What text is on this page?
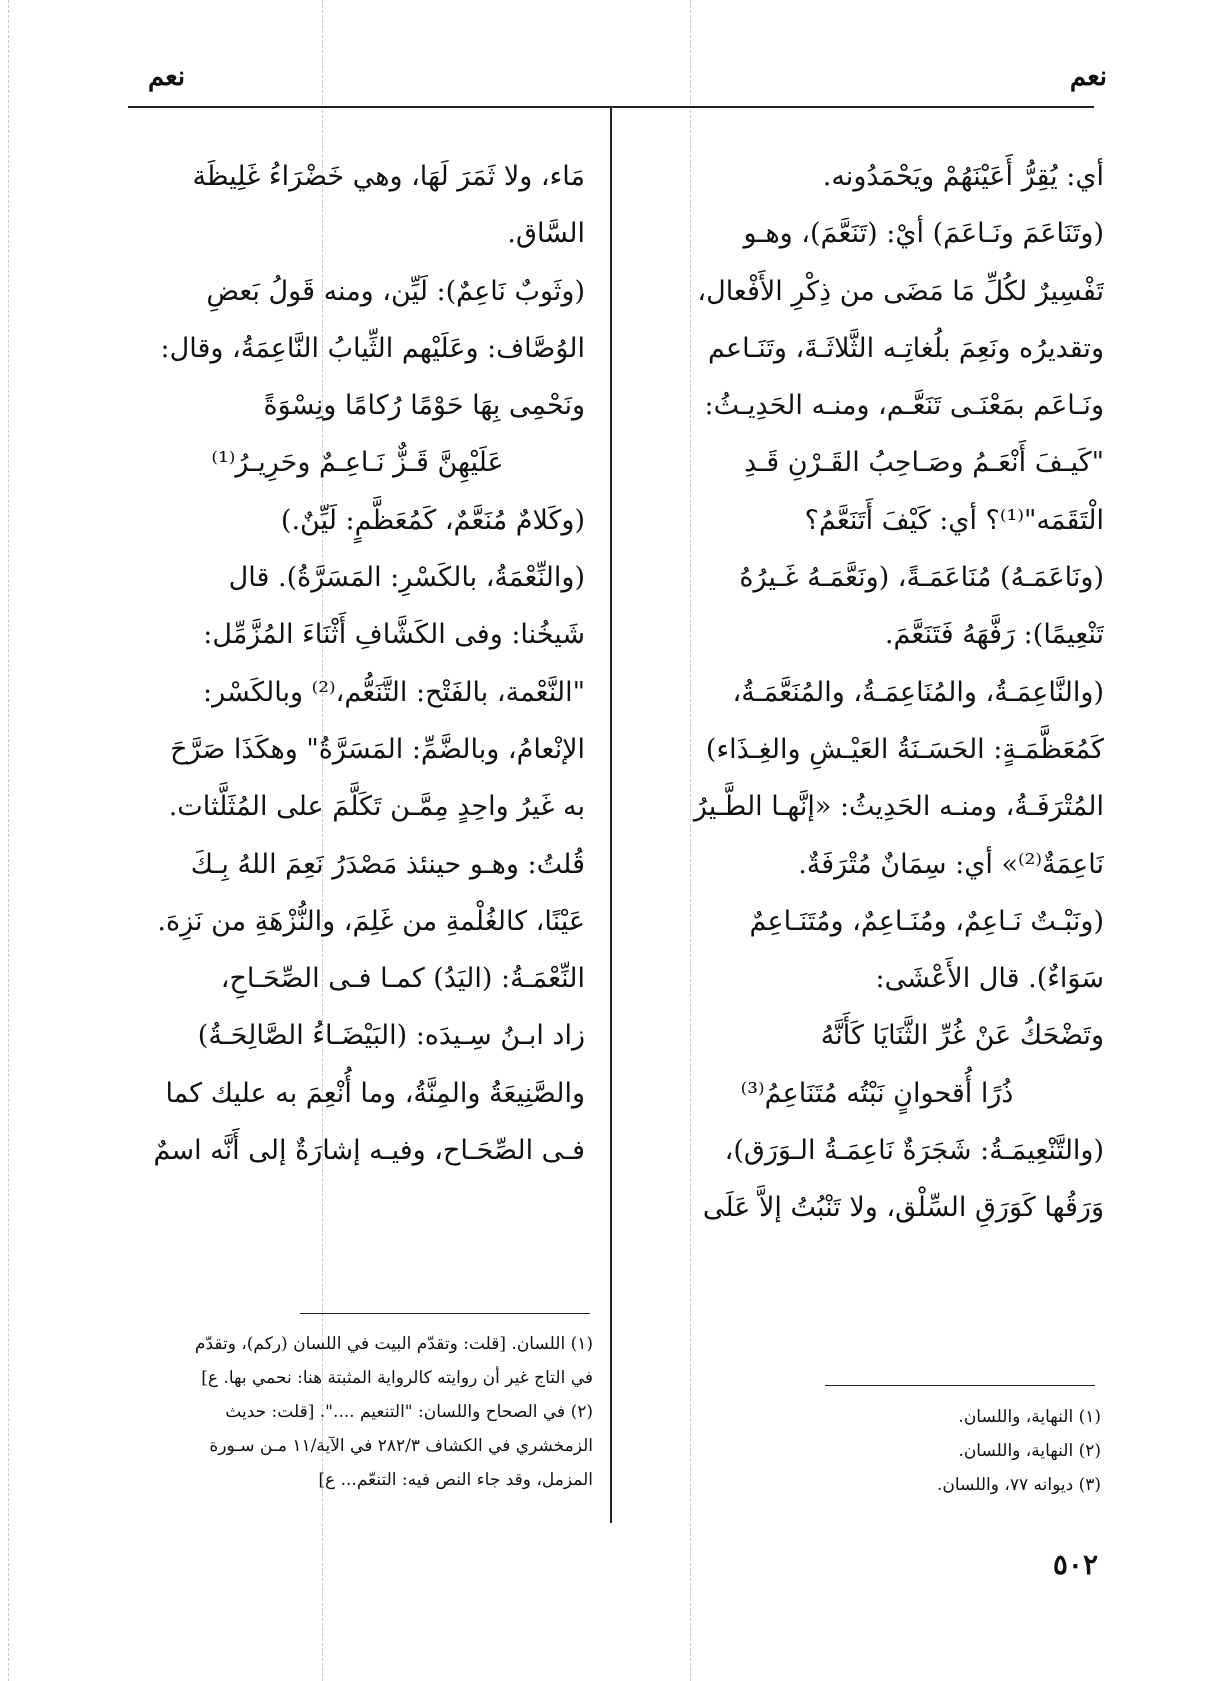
نعم
نعم
أي: يُقِرُّ أَعَيْنَهُمْ ويَحْمَدُونه.
(وتَنَاعَمَ ونَـاعَمَ) أيْ: (تَنَعَّمَ)، وهـو
تَفْسِيرٌ لكُلِّ مَا مَضَى من ذِكْرِ الأَفْعال،
وتقديرُه ونَعِمَ بلُغاتِـه الثَّلاثَـةَ، وتَنَـاعم
ونَـاعَم بمَعْنَـى تَنَعَّـم، ومنـه الحَدِيـثُ:
"كَيـفَ أَنْعَـمُ وصَـاحِبُ القَـرْنِ قَـدِ
الْتَقَمَه"⁽¹⁾؟ أي: كَيْفَ أَتَنَعَّمُ؟
(ونَاعَمَـهُ) مُنَاعَمَـةً، (ونَعَّمَـهُ غَـيرُهُ
تَنْعِيمًا): رَفَّهَهُ فَتَنَعَّمَ.
(والنَّاعِمَـةُ، والمُنَاعِمَـةُ، والمُنَعَّمَـةُ،
كَمُعَظَّمَـةٍ: الحَسَـنَةُ العَيْـشِ والغِـذَاء)
المُتْرَفَـةُ، ومنـه الحَدِيثُ: «إنَّهـا الطَّـيرُ
نَاعِمَةٌ⁽²⁾» أي: سِمَانٌ مُتْرَفَةٌ.
(ونَبْـتٌ نَـاعِمٌ، ومُنَـاعِمٌ، ومُتَنَـاعِمٌ
سَوَاءٌ). قال الأَعْشَى:
وتَضْحَكُ عَنْ غُرِّ الثَّنَايَا كَأَنَّهُ
ذُرًا أُقحوانٍ نَبْتُه مُتَنَاعِمُ⁽³⁾
(والتَّنْعِيمَـةُ: شَجَرَةٌ نَاعِمَـةُ الـوَرَق)،
وَرَقُها كَوَرَقِ السِّلْق، ولا تَنْبُتُ إلاَّ عَلَى
مَاء، ولا ثَمَرَ لَهَا، وهي خَضْرَاءُ غَلِيظَة
السَّاق.
(وثَوبٌ نَاعِمٌ): لَيِّن، ومنه قَولُ بَعضِ
الوُصَّاف: وعَلَيْهم الثِّيابُ النَّاعِمَةُ، وقال:
ونَحْمِى بِهَا حَوْمًا رُكامًا ونِسْوَةً
عَلَيْهِنَّ قَـزٌّ نَـاعِـمٌ وحَرِيـرُ⁽¹⁾
(وكَلامٌ مُنَعَّمٌ، كَمُعَظَّمٍ: لَيِّنٌ.)
(والنِّعْمَةُ، بالكَسْرِ: المَسَرَّةُ). قال
شَيخُنا: وفى الكَشَّافِ أَثْنَاءَ المُزَّمِّل:
"النَّعْمة، بالفَتْح: التَّنَعُّم،⁽²⁾ وبالكَسْر:
الإنْعامُ، وبالضَّمِّ: المَسَرَّةُ" وهكَذَا صَرَّحَ
به غَيرُ واحِدٍ مِمَّـن تَكَلَّمَ على المُثَلَّثات.
قُلتُ: وهـو حينئذ مَصْدَرُ نَعِمَ اللهُ بِـكَ
عَيْنًا، كالغُلْمةِ من غَلِمَ، والنُّزْهَةِ من نَزِهَ.
النِّعْمَـةُ: (اليَدُ) كمـا فـى الصِّحَـاحِ،
زاد ابـنُ سِـيدَه: (البَيْضَـاءُ الصَّالِحَـةُ)
والصَّنِيعَةُ والمِنَّةُ، وما أُنْعِمَ به عليك كما
فـى الصِّحَـاح، وفيـه إشارَةٌ إلى أَنَّه اسمٌ
(١) النهاية، واللسان.
(٢) النهاية، واللسان.
(٣) ديوانه ٧٧، واللسان.
(١) اللسان. [قلت: وتقدّم البيت في اللسان (ركم)، وتقدّم
في التاج غير أن روايته كالرواية المثبتة هنا: نحمي بها. ع]
(٢) في الصحاح واللسان: "التنعيم ....". [قلت: حديث
الزمخشري في الكشاف ٢٨٢/٣ في الآية/١١ مـن سـورة
المزمل، وقد جاء النص فيه: التنعّم... ع]
٥٠٢
